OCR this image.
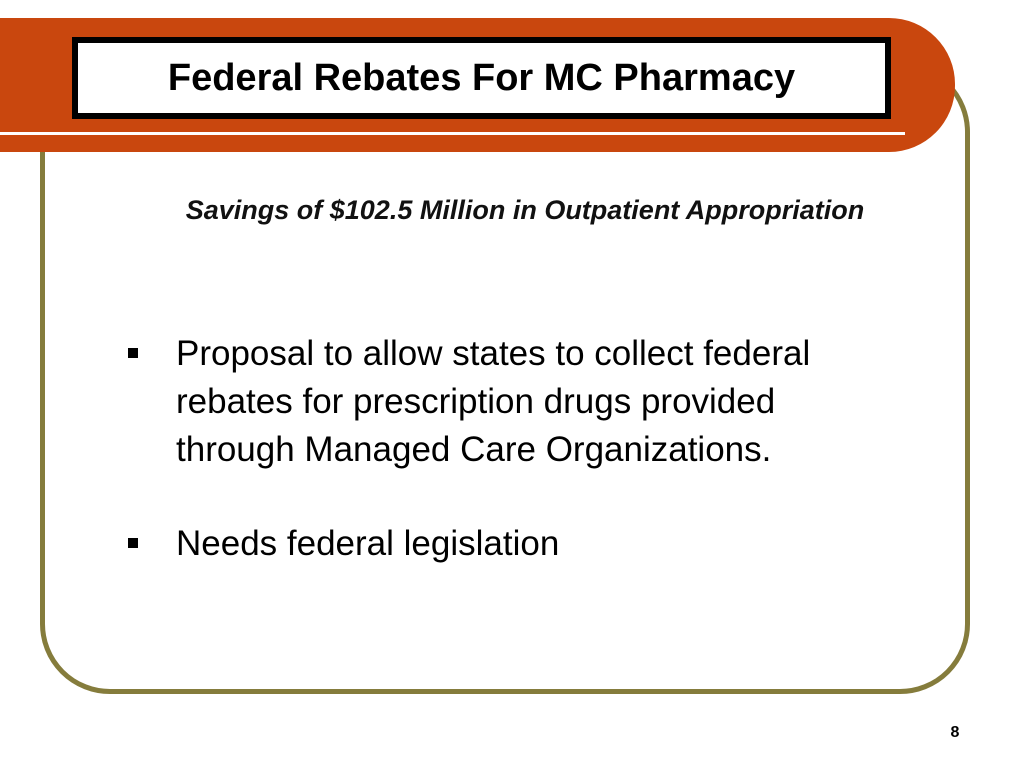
Federal Rebates For MC Pharmacy
Savings of $102.5 Million in Outpatient Appropriation
Proposal to allow states to collect federal rebates for prescription drugs provided through Managed Care Organizations.
Needs federal legislation
8
